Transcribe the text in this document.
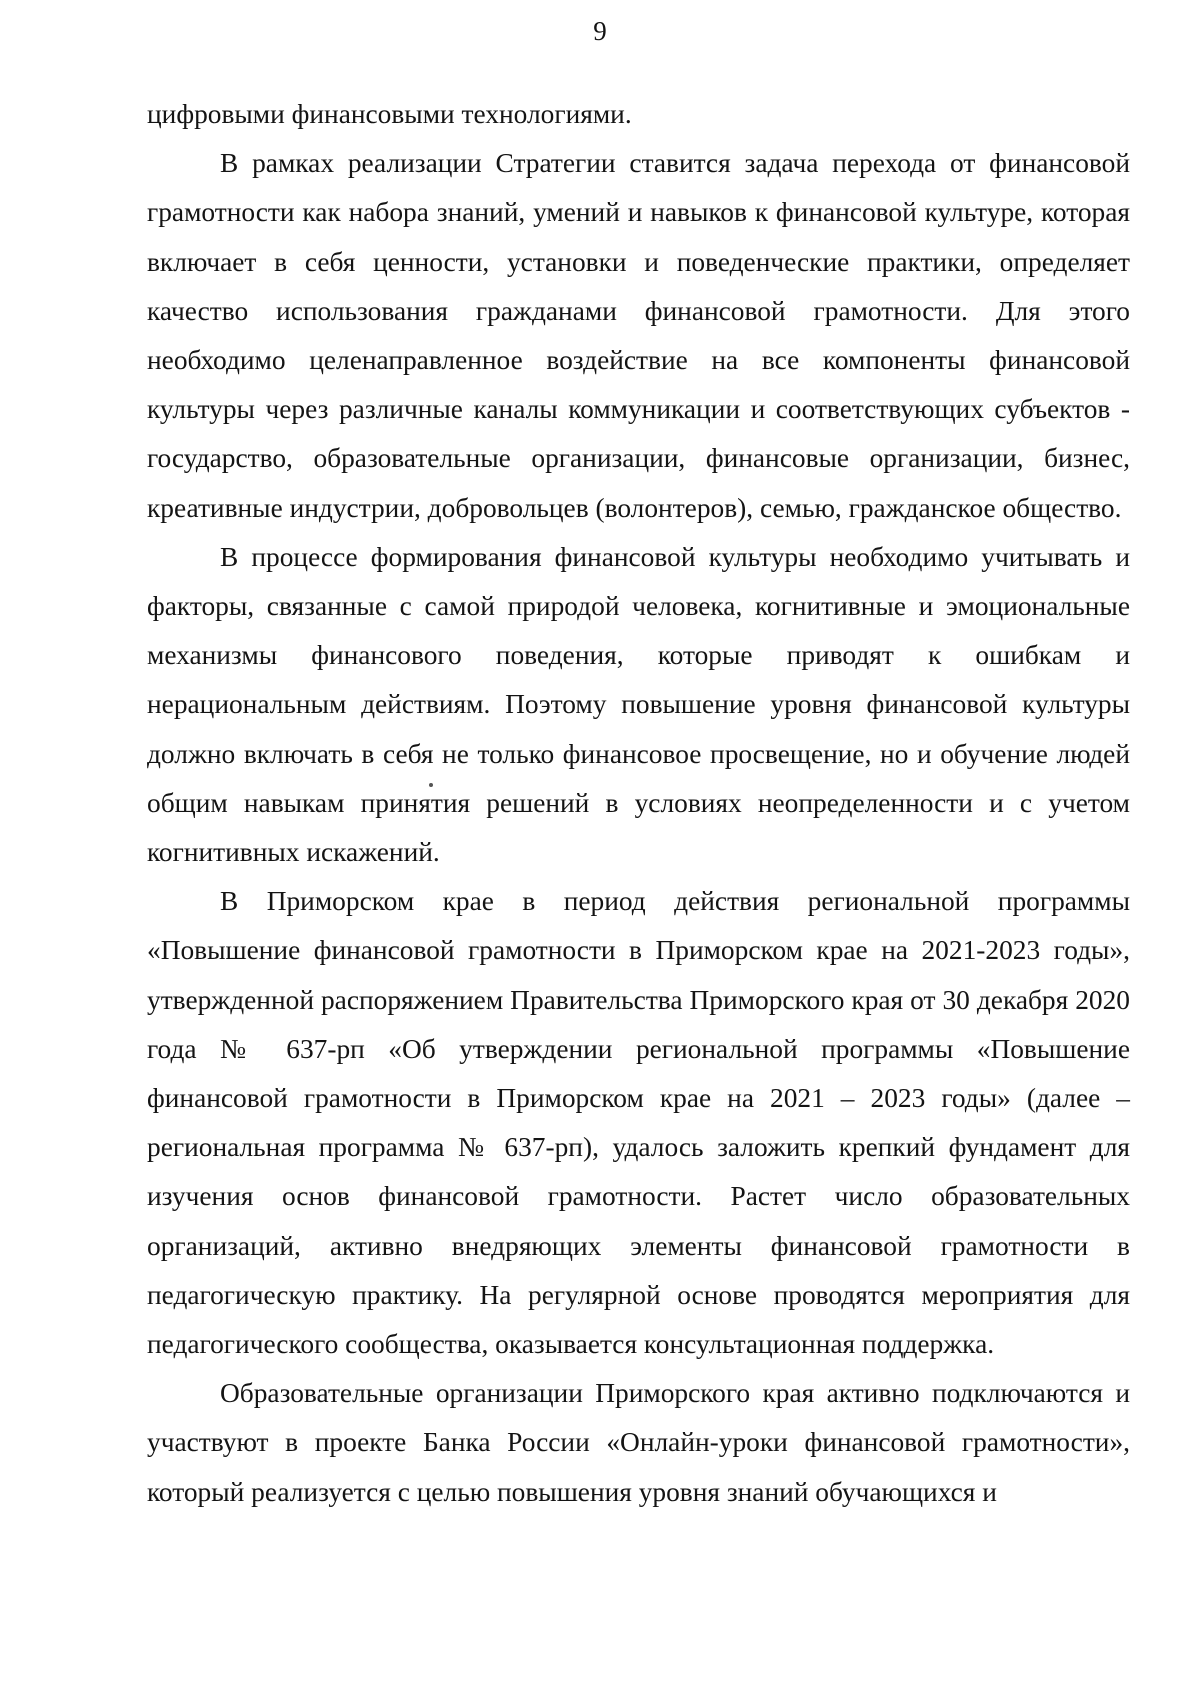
9

цифровыми финансовыми технологиями.

В рамках реализации Стратегии ставится задача перехода от финансовой грамотности как набора знаний, умений и навыков к финансовой культуре, которая включает в себя ценности, установки и поведенческие практики, определяет качество использования гражданами финансовой грамотности. Для этого необходимо целенаправленное воздействие на все компоненты финансовой культуры через различные каналы коммуникации и соответствующих субъектов - государство, образовательные организации, финансовые организации, бизнес, креативные индустрии, добровольцев (волонтеров), семью, гражданское общество.

В процессе формирования финансовой культуры необходимо учитывать и факторы, связанные с самой природой человека, когнитивные и эмоциональные механизмы финансового поведения, которые приводят к ошибкам и нерациональным действиям. Поэтому повышение уровня финансовой культуры должно включать в себя не только финансовое просвещение, но и обучение людей общим навыкам принятия решений в условиях неопределенности и с учетом когнитивных искажений.

В Приморском крае в период действия региональной программы «Повышение финансовой грамотности в Приморском крае на 2021-2023 годы», утвержденной распоряжением Правительства Приморского края от 30 декабря 2020 года № 637-рп «Об утверждении региональной программы «Повышение финансовой грамотности в Приморском крае на 2021 – 2023 годы» (далее – региональная программа № 637-рп), удалось заложить крепкий фундамент для изучения основ финансовой грамотности. Растет число образовательных организаций, активно внедряющих элементы финансовой грамотности в педагогическую практику. На регулярной основе проводятся мероприятия для педагогического сообщества, оказывается консультационная поддержка.

Образовательные организации Приморского края активно подключаются и участвуют в проекте Банка России «Онлайн-уроки финансовой грамотности», который реализуется с целью повышения уровня знаний обучающихся и
